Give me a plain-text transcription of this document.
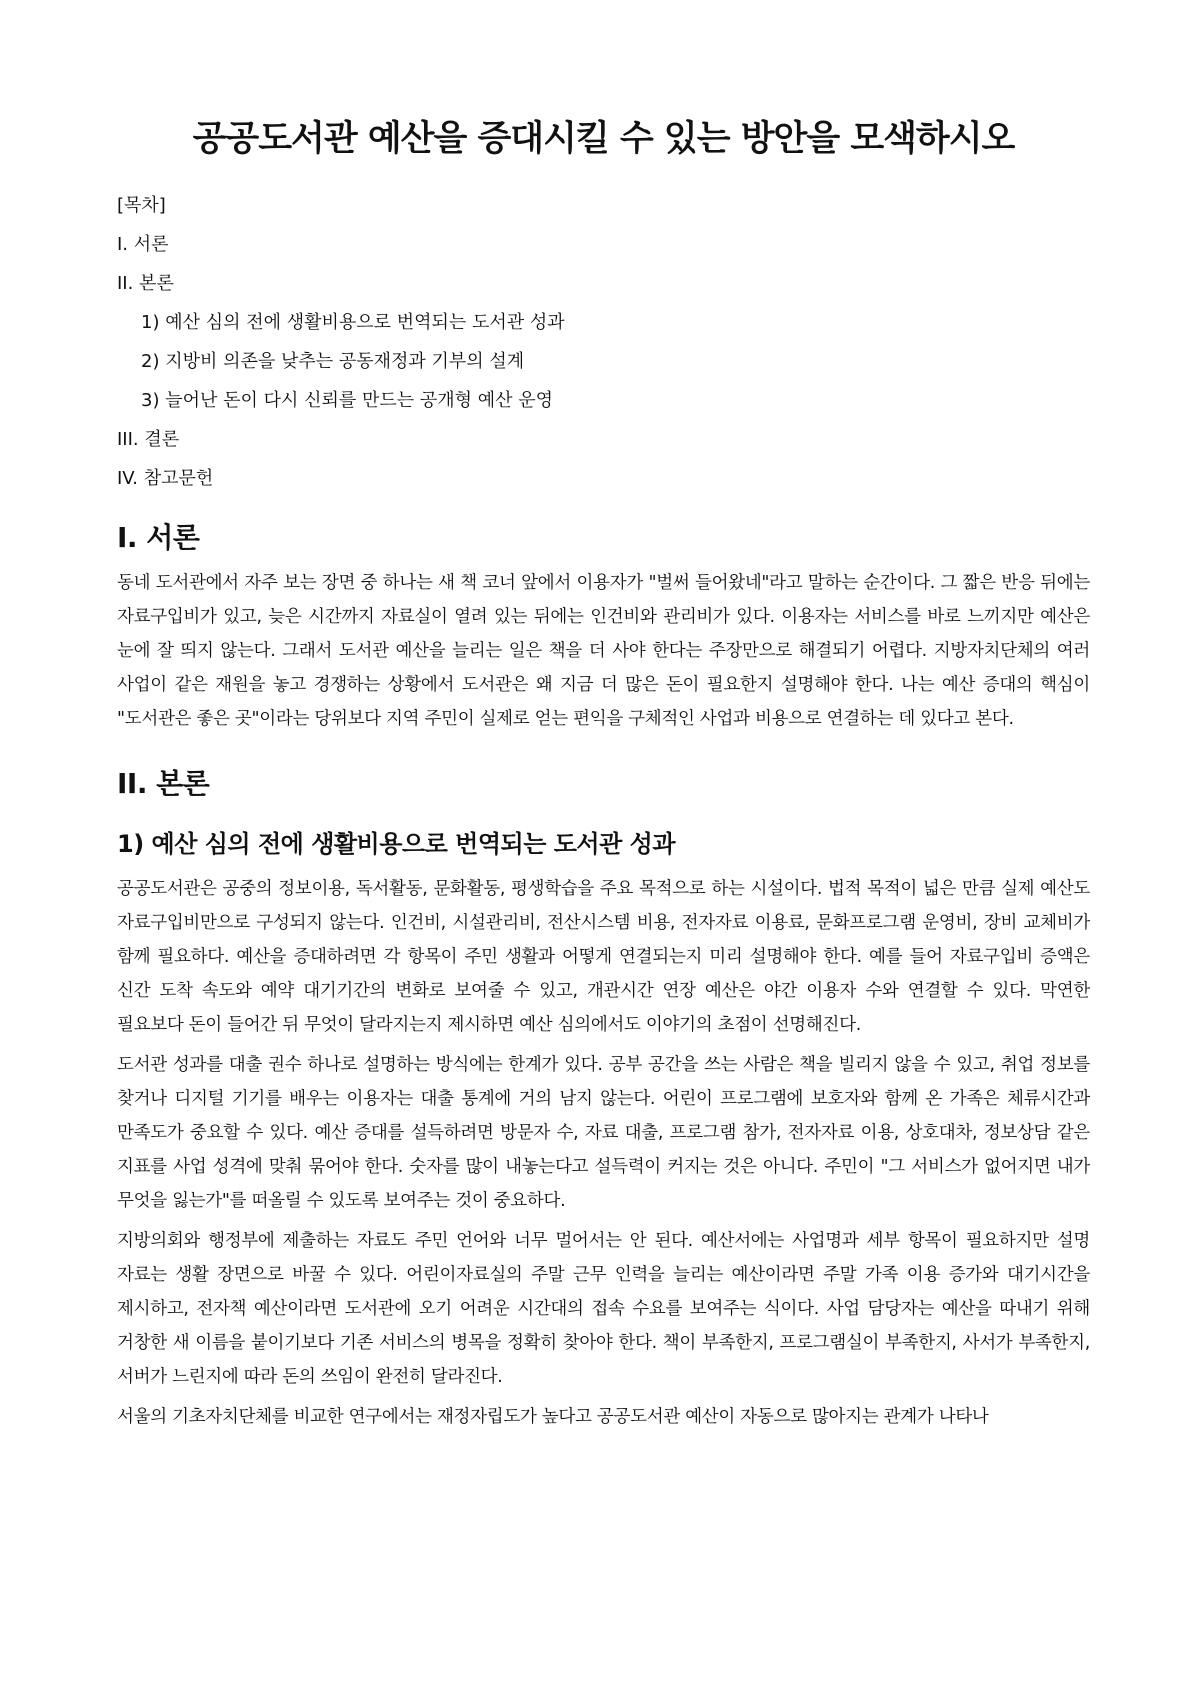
공공도서관 예산을 증대시킬 수 있는 방안을 모색하시오
[목차]
I. 서론
II. 본론
1) 예산 심의 전에 생활비용으로 번역되는 도서관 성과
2) 지방비 의존을 낮추는 공동재정과 기부의 설계
3) 늘어난 돈이 다시 신뢰를 만드는 공개형 예산 운영
III. 결론
IV. 참고문헌
I. 서론

동네 도서관에서 자주 보는 장면 중 하나는 새 책 코너 앞에서 이용자가 "벌써 들어왔네"라고 말하는 순간이다. 그 짧은 반응 뒤에는 자료구입비가 있고, 늦은 시간까지 자료실이 열려 있는 뒤에는 인건비와 관리비가 있다. 이용자는 서비스를 바로 느끼지만 예산은 눈에 잘 띄지 않는다. 그래서 도서관 예산을 늘리는 일은 책을 더 사야 한다는 주장만으로 해결되기 어렵다. 지방자치단체의 여러 사업이 같은 재원을 놓고 경쟁하는 상황에서 도서관은 왜 지금 더 많은 돈이 필요한지 설명해야 한다. 나는 예산 증대의 핵심이 "도서관은 좋은 곳"이라는 당위보다 지역 주민이 실제로 얻는 편익을 구체적인 사업과 비용으로 연결하는 데 있다고 본다.

II. 본론
1) 예산 심의 전에 생활비용으로 번역되는 도서관 성과

공공도서관은 공중의 정보이용, 독서활동, 문화활동, 평생학습을 주요 목적으로 하는 시설이다. 법적 목적이 넓은 만큼 실제 예산도 자료구입비만으로 구성되지 않는다. 인건비, 시설관리비, 전산시스템 비용, 전자자료 이용료, 문화프로그램 운영비, 장비 교체비가 함께 필요하다. 예산을 증대하려면 각 항목이 주민 생활과 어떻게 연결되는지 미리 설명해야 한다. 예를 들어 자료구입비 증액은 신간 도착 속도와 예약 대기기간의 변화로 보여줄 수 있고, 개관시간 연장 예산은 야간 이용자 수와 연결할 수 있다. 막연한 필요보다 돈이 들어간 뒤 무엇이 달라지는지 제시하면 예산 심의에서도 이야기의 초점이 선명해진다.

도서관 성과를 대출 권수 하나로 설명하는 방식에는 한계가 있다. 공부 공간을 쓰는 사람은 책을 빌리지 않을 수 있고, 취업 정보를 찾거나 디지털 기기를 배우는 이용자는 대출 통계에 거의 남지 않는다. 어린이 프로그램에 보호자와 함께 온 가족은 체류시간과 만족도가 중요할 수 있다. 예산 증대를 설득하려면 방문자 수, 자료 대출, 프로그램 참가, 전자자료 이용, 상호대차, 정보상담 같은 지표를 사업 성격에 맞춰 묶어야 한다. 숫자를 많이 내놓는다고 설득력이 커지는 것은 아니다. 주민이 "그 서비스가 없어지면 내가 무엇을 잃는가"를 떠올릴 수 있도록 보여주는 것이 중요하다.

지방의회와 행정부에 제출하는 자료도 주민 언어와 너무 멀어서는 안 된다. 예산서에는 사업명과 세부 항목이 필요하지만 설명 자료는 생활 장면으로 바꿀 수 있다. 어린이자료실의 주말 근무 인력을 늘리는 예산이라면 주말 가족 이용 증가와 대기시간을 제시하고, 전자책 예산이라면 도서관에 오기 어려운 시간대의 접속 수요를 보여주는 식이다. 사업 담당자는 예산을 따내기 위해 거창한 새 이름을 붙이기보다 기존 서비스의 병목을 정확히 찾아야 한다. 책이 부족한지, 프로그램실이 부족한지, 사서가 부족한지, 서버가 느린지에 따라 돈의 쓰임이 완전히 달라진다.

서울의 기초자치단체를 비교한 연구에서는 재정자립도가 높다고 공공도서관 예산이 자동으로 많아지는 관계가 나타나
